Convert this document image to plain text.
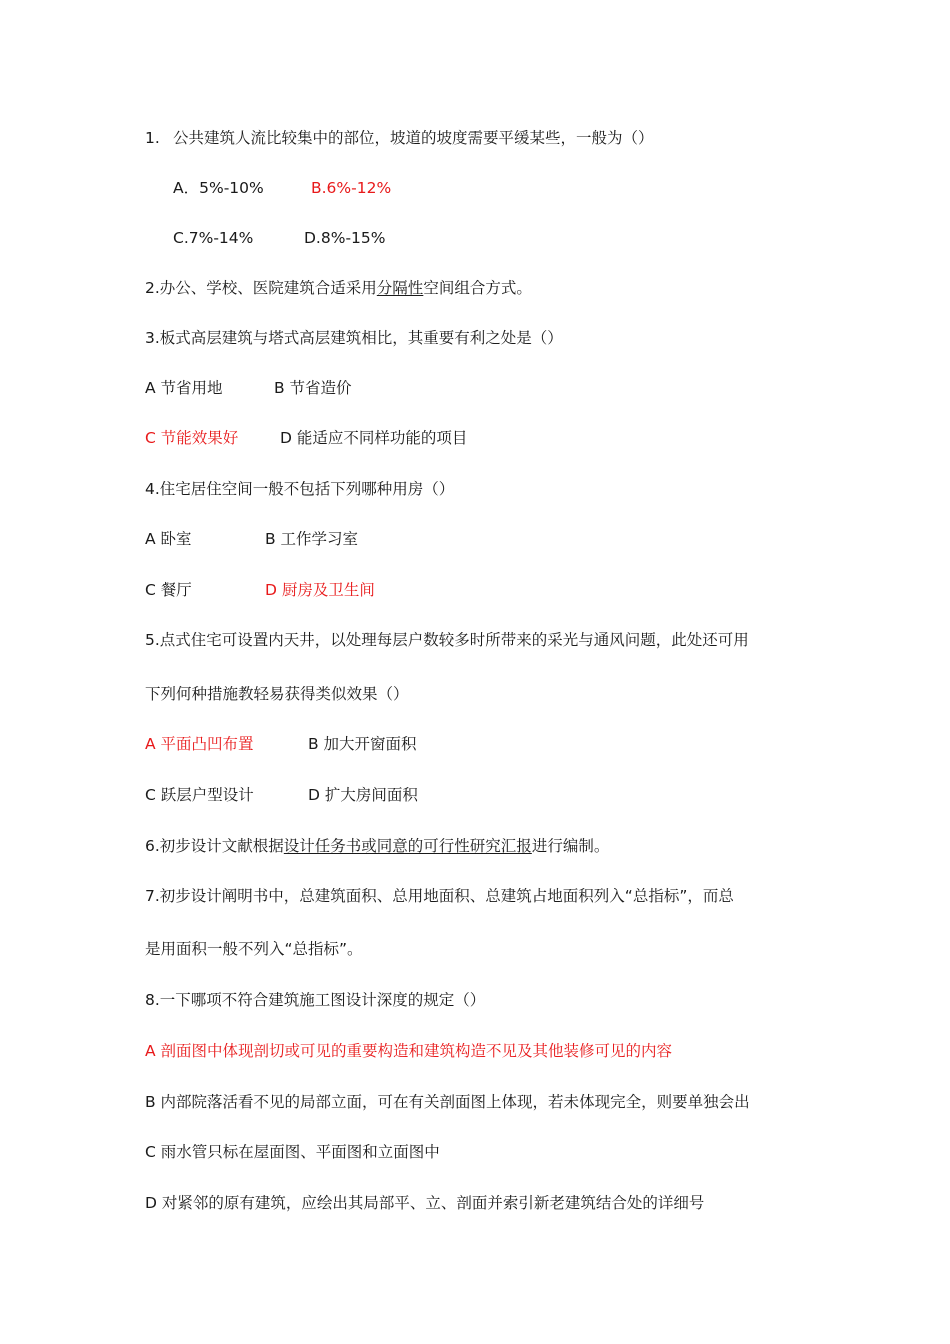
1. 公共建筑人流比较集中的部位，坡道的坡度需要平缓某些，一般为（）
A．5%-10%	B.6%-12%
C.7%-14%	D.8%-15%
2.办公、学校、医院建筑合适采用分隔性空间组合方式。
3.板式高层建筑与塔式高层建筑相比，其重要有利之处是（）
A 节省用地	B 节省造价
C 节能效果好	D 能适应不同样功能的项目
4.住宅居住空间一般不包括下列哪种用房（）
A 卧室	B 工作学习室
C 餐厅	D 厨房及卫生间
5.点式住宅可设置内天井，以处理每层户数较多时所带来的采光与通风问题，此处还可用
下列何种措施教轻易获得类似效果（）
A 平面凸凹布置	B 加大开窗面积
C 跃层户型设计	D 扩大房间面积
6.初步设计文献根据设计任务书或同意的可行性研究汇报进行编制。
7.初步设计阐明书中，总建筑面积、总用地面积、总建筑占地面积列入“总指标”，而总
是用面积一般不列入“总指标”。
8.一下哪项不符合建筑施工图设计深度的规定（）
A 剖面图中体现剖切或可见的重要构造和建筑构造不见及其他装修可见的内容
B 内部院落活看不见的局部立面，可在有关剖面图上体现，若未体现完全，则要单独会出
C 雨水管只标在屋面图、平面图和立面图中
D 对紧邻的原有建筑，应绘出其局部平、立、剖面并索引新老建筑结合处的详细号
